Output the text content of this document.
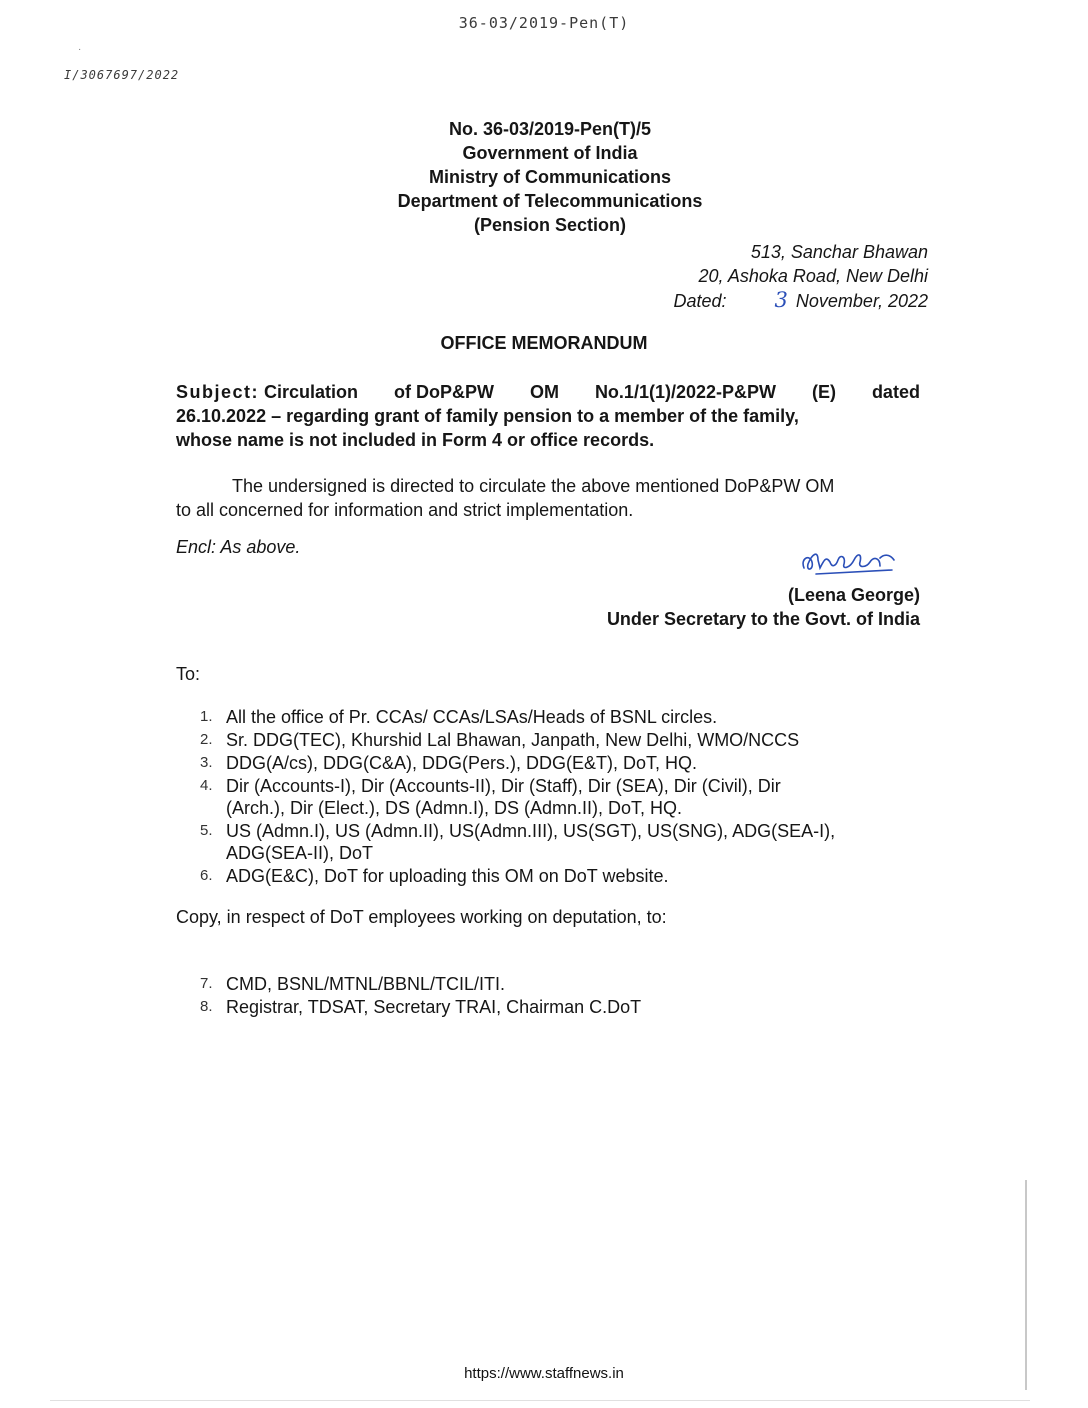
36-03/2019-Pen(T)
·
I/3067697/2022
No. 36-03/2019-Pen(T)/5
Government of India
Ministry of Communications
Department of Telecommunications
(Pension Section)
513, Sanchar Bhawan
20, Ashoka Road, New Delhi
Dated: 3 November, 2022
OFFICE MEMORANDUM
Subject: Circulation of DoP&PW OM No.1/1(1)/2022-P&PW (E) dated
26.10.2022 – regarding grant of family pension to a member of the family,
whose name is not included in Form 4 or office records.
The undersigned is directed to circulate the above mentioned DoP&PW OM
to all concerned for information and strict implementation.
Encl: As above.
(Leena George)
Under Secretary to the Govt. of India
To:
1. All the office of Pr. CCAs/ CCAs/LSAs/Heads of BSNL circles.
2. Sr. DDG(TEC), Khurshid Lal Bhawan, Janpath, New Delhi, WMO/NCCS
3. DDG(A/cs), DDG(C&A), DDG(Pers.), DDG(E&T), DoT, HQ.
4. Dir (Accounts-I), Dir (Accounts-II), Dir (Staff), Dir (SEA), Dir (Civil), Dir
(Arch.), Dir (Elect.), DS (Admn.I), DS (Admn.II), DoT, HQ.
5. US (Admn.I), US (Admn.II), US(Admn.III), US(SGT), US(SNG), ADG(SEA-I),
ADG(SEA-II), DoT
6. ADG(E&C), DoT for uploading this OM on DoT website.
Copy, in respect of DoT employees working on deputation, to:
7. CMD, BSNL/MTNL/BBNL/TCIL/ITI.
8. Registrar, TDSAT, Secretary TRAI, Chairman C.DoT
https://www.staffnews.in
